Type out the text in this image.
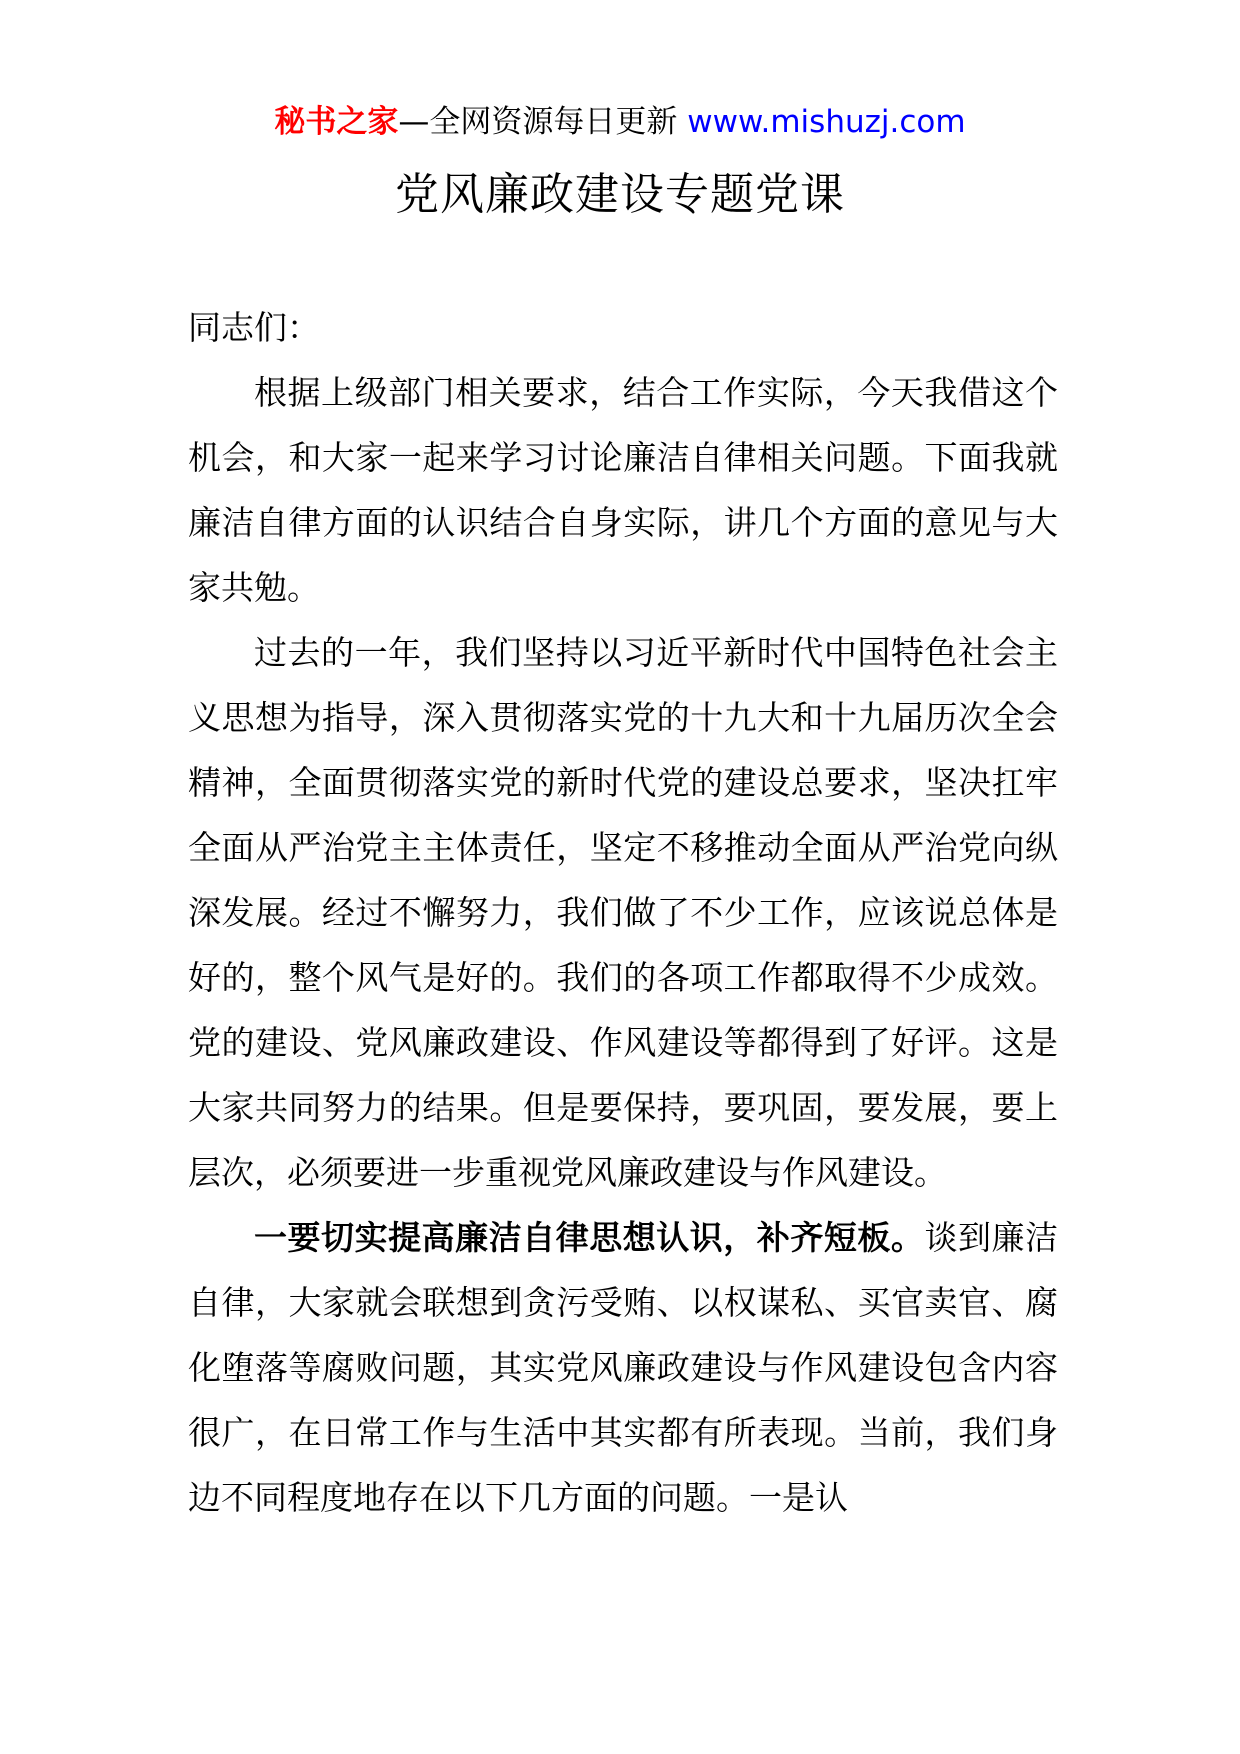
秘书之家—全网资源每日更新 www.mishuzj.com
党风廉政建设专题党课

同志们：

根据上级部门相关要求，结合工作实际，今天我借这个机会，和大家一起来学习讨论廉洁自律相关问题。下面我就廉洁自律方面的认识结合自身实际，讲几个方面的意见与大家共勉。

过去的一年，我们坚持以习近平新时代中国特色社会主义思想为指导，深入贯彻落实党的十九大和十九届历次全会精神，全面贯彻落实党的新时代党的建设总要求，坚决扛牢全面从严治党主主体责任，坚定不移推动全面从严治党向纵深发展。经过不懈努力，我们做了不少工作，应该说总体是好的，整个风气是好的。我们的各项工作都取得不少成效。党的建设、党风廉政建设、作风建设等都得到了好评。这是大家共同努力的结果。但是要保持，要巩固，要发展，要上层次，必须要进一步重视党风廉政建设与作风建设。

一要切实提高廉洁自律思想认识，补齐短板。谈到廉洁自律，大家就会联想到贪污受贿、以权谋私、买官卖官、腐化堕落等腐败问题，其实党风廉政建设与作风建设包含内容很广，在日常工作与生活中其实都有所表现。当前，我们身边不同程度地存在以下几方面的问题。一是认
